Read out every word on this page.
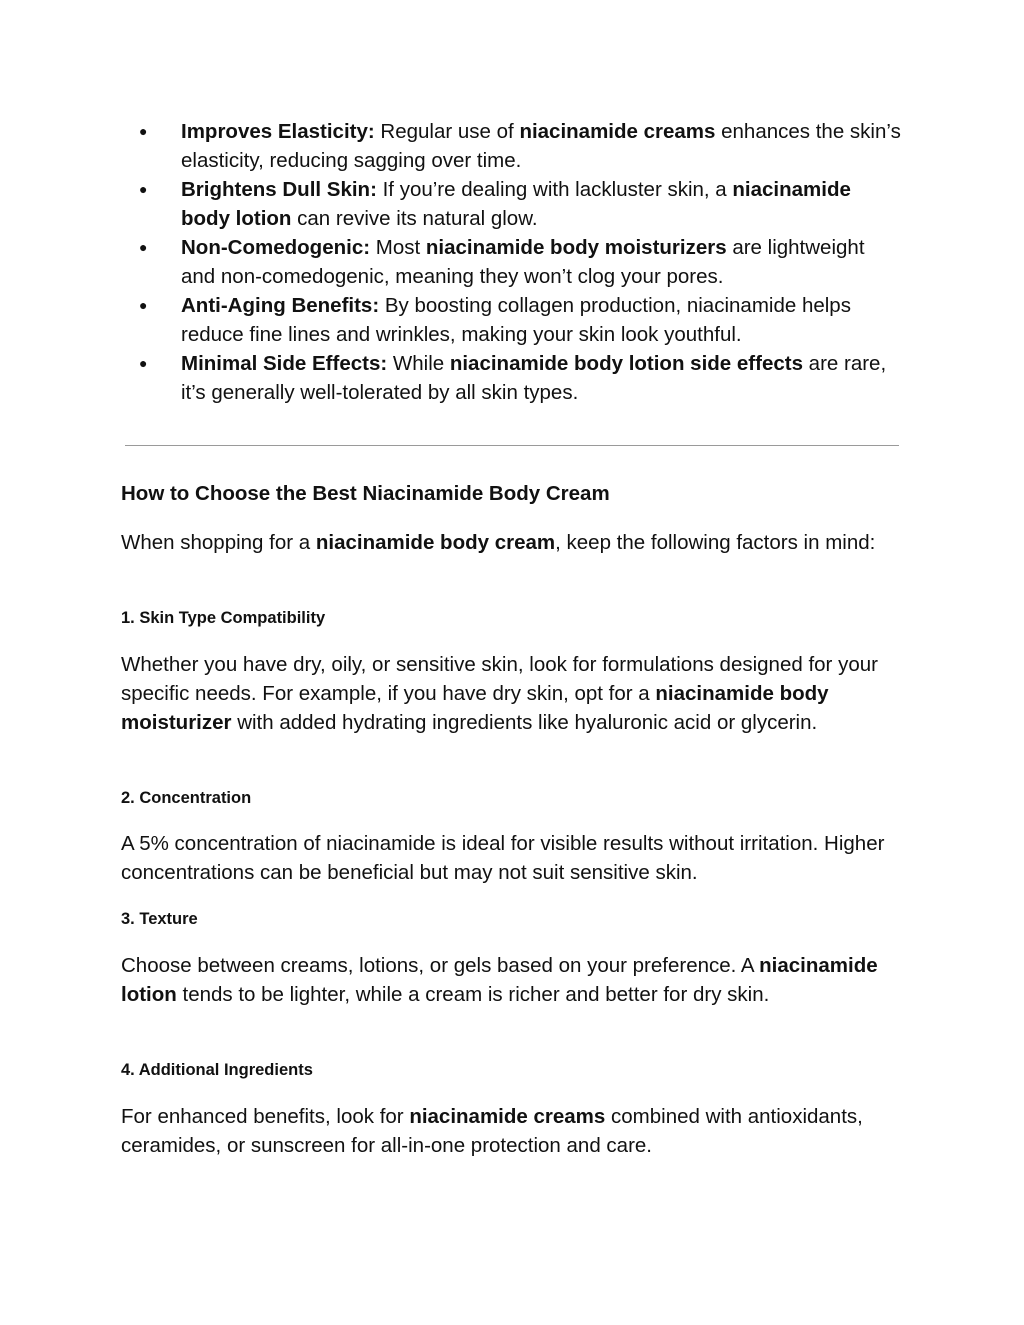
● Improves Elasticity: Regular use of niacinamide creams enhances the skin’s elasticity, reducing sagging over time.
● Brightens Dull Skin: If you’re dealing with lackluster skin, a niacinamide body lotion can revive its natural glow.
● Non-Comedogenic: Most niacinamide body moisturizers are lightweight and non-comedogenic, meaning they won’t clog your pores.
● Anti-Aging Benefits: By boosting collagen production, niacinamide helps reduce fine lines and wrinkles, making your skin look youthful.
● Minimal Side Effects: While niacinamide body lotion side effects are rare, it’s generally well-tolerated by all skin types.
How to Choose the Best Niacinamide Body Cream

When shopping for a niacinamide body cream, keep the following factors in mind:

1. Skin Type Compatibility

Whether you have dry, oily, or sensitive skin, look for formulations designed for your specific needs. For example, if you have dry skin, opt for a niacinamide body moisturizer with added hydrating ingredients like hyaluronic acid or glycerin.

2. Concentration

A 5% concentration of niacinamide is ideal for visible results without irritation. Higher concentrations can be beneficial but may not suit sensitive skin.

3. Texture

Choose between creams, lotions, or gels based on your preference. A niacinamide lotion tends to be lighter, while a cream is richer and better for dry skin.

4. Additional Ingredients

For enhanced benefits, look for niacinamide creams combined with antioxidants, ceramides, or sunscreen for all-in-one protection and care.
